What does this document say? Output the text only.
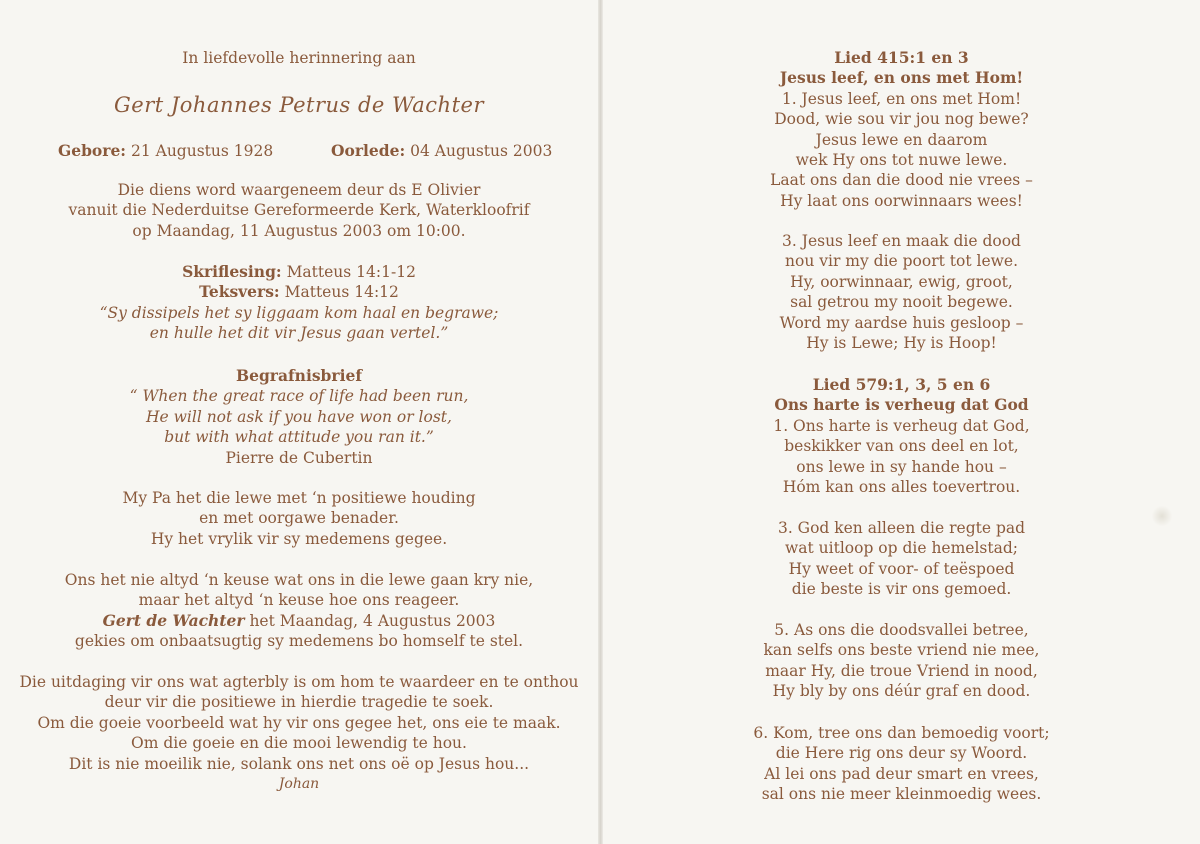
In liefdevolle herinnering aan
Gert Johannes Petrus de Wachter
Gebore: 21 Augustus 1928	Oorlede: 04 Augustus 2003
Die diens word waargeneem deur ds E Olivier
vanuit die Nederduitse Gereformeerde Kerk, Waterkloofrif
op Maandag, 11 Augustus 2003 om 10:00.
Skriflesing: Matteus 14:1-12
Teksvers: Matteus 14:12
“Sy dissipels het sy liggaam kom haal en begrawe;
en hulle het dit vir Jesus gaan vertel.”
Begrafnisbrief
“ When the great race of life had been run,
He will not ask if you have won or lost,
but with what attitude you ran it.”
Pierre de Cubertin
My Pa het die lewe met ‘n positiewe houding
en met oorgawe benader.
Hy het vrylik vir sy medemens gegee.
Ons het nie altyd ‘n keuse wat ons in die lewe gaan kry nie,
maar het altyd ‘n keuse hoe ons reageer.
Gert de Wachter het Maandag, 4 Augustus 2003
gekies om onbaatsugtig sy medemens bo homself te stel.
Die uitdaging vir ons wat agterbly is om hom te waardeer en te onthou
deur vir die positiewe in hierdie tragedie te soek.
Om die goeie voorbeeld wat hy vir ons gegee het, ons eie te maak.
Om die goeie en die mooi lewendig te hou.
Dit is nie moeilik nie, solank ons net ons oë op Jesus hou...
Johan
Lied 415:1 en 3
Jesus leef, en ons met Hom!
1. Jesus leef, en ons met Hom!
Dood, wie sou vir jou nog bewe?
Jesus lewe en daarom
wek Hy ons tot nuwe lewe.
Laat ons dan die dood nie vrees –
Hy laat ons oorwinnaars wees!
3. Jesus leef en maak die dood
nou vir my die poort tot lewe.
Hy, oorwinnaar, ewig, groot,
sal getrou my nooit begewe.
Word my aardse huis gesloop –
Hy is Lewe; Hy is Hoop!
Lied 579:1, 3, 5 en 6
Ons harte is verheug dat God
1. Ons harte is verheug dat God,
beskikker van ons deel en lot,
ons lewe in sy hande hou –
Hóm kan ons alles toevertrou.
3. God ken alleen die regte pad
wat uitloop op die hemelstad;
Hy weet of voor- of teëspoed
die beste is vir ons gemoed.
5. As ons die doodsvallei betree,
kan selfs ons beste vriend nie mee,
maar Hy, die troue Vriend in nood,
Hy bly by ons déúr graf en dood.
6. Kom, tree ons dan bemoedig voort;
die Here rig ons deur sy Woord.
Al lei ons pad deur smart en vrees,
sal ons nie meer kleinmoedig wees.
